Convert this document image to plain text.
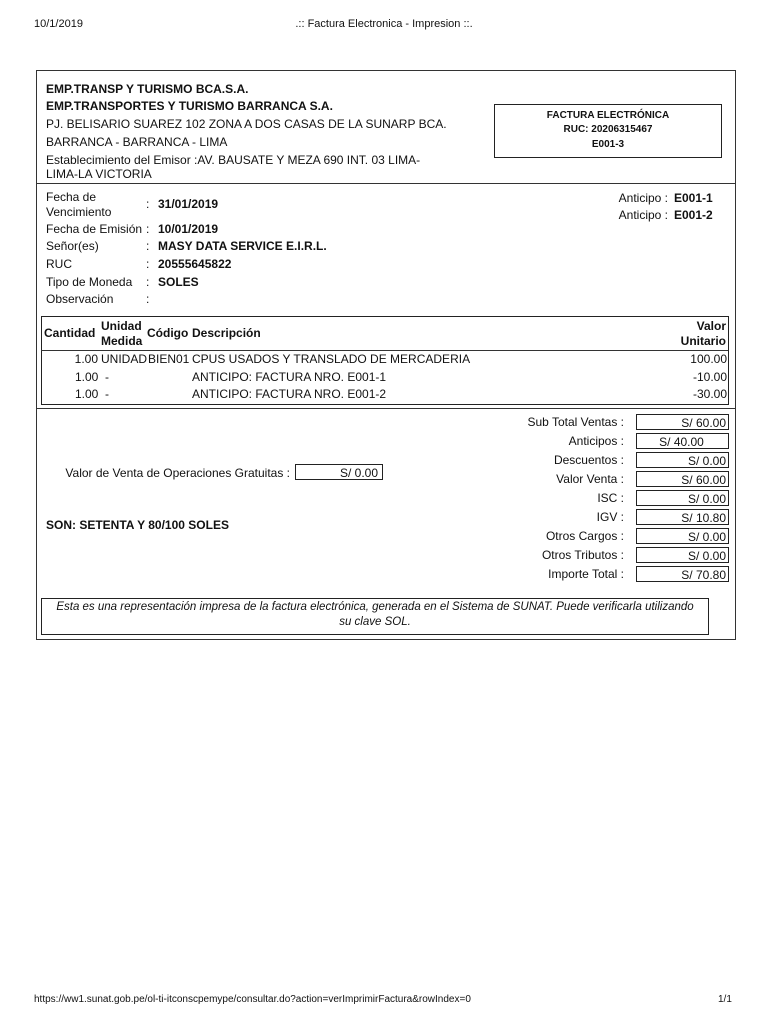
10/1/2019	.:: Factura Electronica - Impresion ::.
EMP.TRANSP Y TURISMO BCA.S.A.
EMP.TRANSPORTES Y TURISMO BARRANCA S.A.
PJ. BELISARIO SUAREZ 102 ZONA A DOS CASAS DE LA SUNARP BCA.
BARRANCA - BARRANCA - LIMA
Establecimiento del Emisor :AV. BAUSATE Y MEZA 690 INT. 03 LIMA-
LIMA-LA VICTORIA
FACTURA ELECTRÓNICA
RUC: 20206315467
E001-3
Fecha de
Vencimiento
: 31/01/2019
Fecha de Emisión : 10/01/2019
Señor(es)	: MASY DATA SERVICE E.I.R.L.
RUC	: 20555645822
Tipo de Moneda : SOLES
Observación	:
Anticipo : E001-1
Anticipo : E001-2
Cantidad Unidad
Medida
Código Descripción	Valor
Unitario
1.00 UNIDAD BIEN01 CPUS USADOS Y TRANSLADO DE MERCADERIA	100.00
1.00 -	ANTICIPO: FACTURA NRO. E001-1	-10.00
1.00 -	ANTICIPO: FACTURA NRO. E001-2	-30.00
Valor de Venta de Operaciones Gratuitas :	S/ 0.00
SON: SETENTA Y 80/100 SOLES
Sub Total Ventas :	S/ 60.00
Anticipos :	S/ 40.00
Descuentos :	S/ 0.00
Valor Venta :	S/ 60.00
ISC :	S/ 0.00
IGV :	S/ 10.80
Otros Cargos :	S/ 0.00
Otros Tributos :	S/ 0.00
Importe Total :	S/ 70.80
Esta es una representación impresa de la factura electrónica, generada en el Sistema de SUNAT. Puede verificarla utilizando
su clave SOL.
https://ww1.sunat.gob.pe/ol-ti-itconscpemype/consultar.do?action=verImprimirFactura&rowIndex=0	1/1
